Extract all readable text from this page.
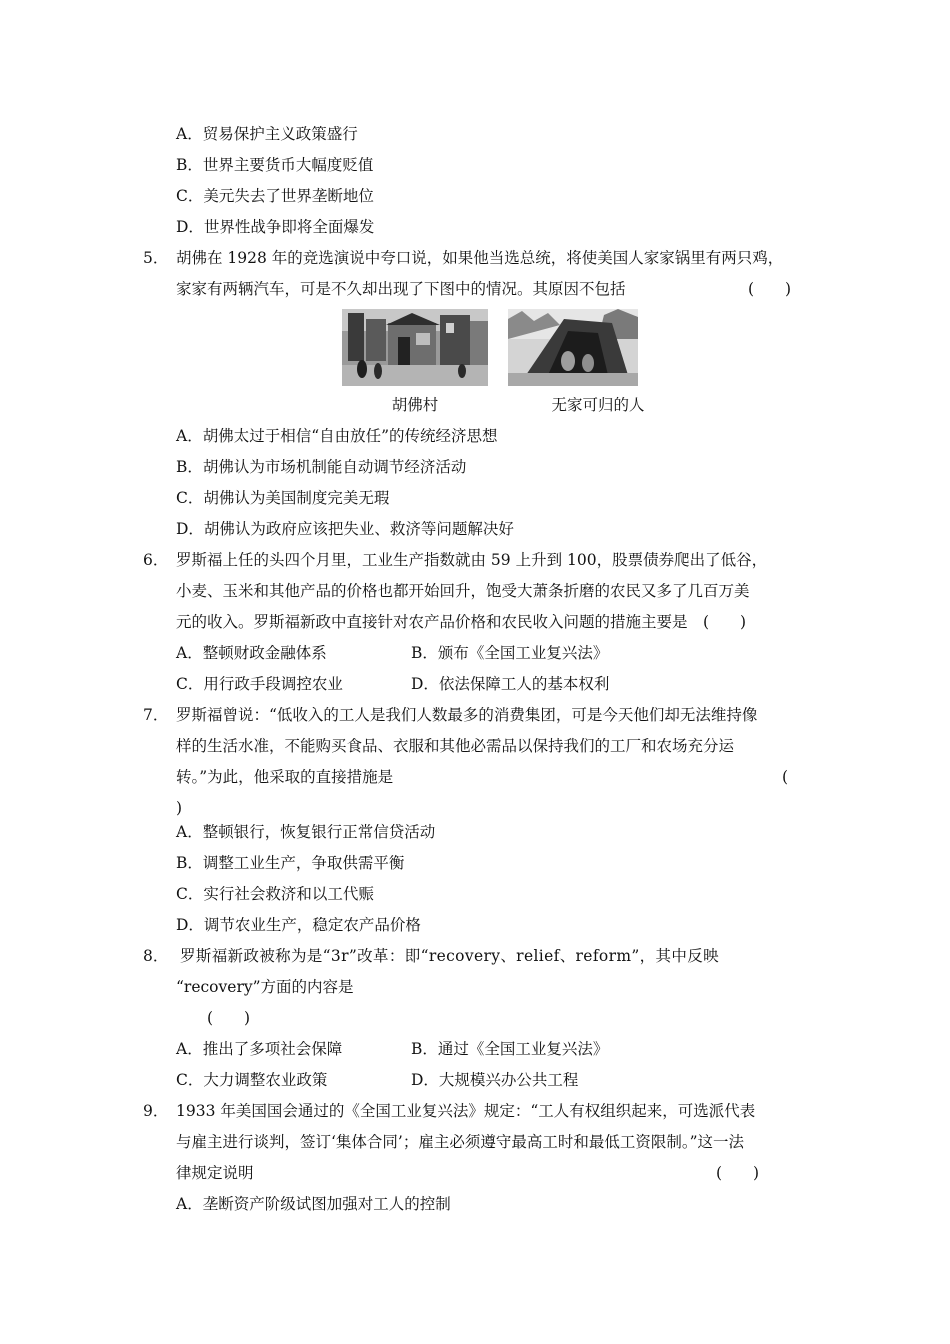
A．贸易保护主义政策盛行
B．世界主要货币大幅度贬值
C．美元失去了世界垄断地位
D．世界性战争即将全面爆发
5． 胡佛在 1928 年的竞选演说中夸口说，如果他当选总统，将使美国人家家锅里有两只鸡，
家家有两辆汽车，可是不久却出现了下图中的情况。其原因不包括	(　　)
胡佛村	无家可归的人
A．胡佛太过于相信“自由放任”的传统经济思想
B．胡佛认为市场机制能自动调节经济活动
C．胡佛认为美国制度完美无瑕
D．胡佛认为政府应该把失业、救济等问题解决好
6． 罗斯福上任的头四个月里，工业生产指数就由 59 上升到 100，股票债券爬出了低谷，
小麦、玉米和其他产品的价格也都开始回升，饱受大萧条折磨的农民又多了几百万美
元的收入。罗斯福新政中直接针对农产品价格和农民收入问题的措施主要是　(　　)
A．整顿财政金融体系	B．颁布《全国工业复兴法》
C．用行政手段调控农业	D．依法保障工人的基本权利
7． 罗斯福曾说：“低收入的工人是我们人数最多的消费集团，可是今天他们却无法维持像
样的生活水准，不能购买食品、衣服和其他必需品以保持我们的工厂和农场充分运
转。”为此，他采取的直接措施是	(
)
A．整顿银行，恢复银行正常信贷活动
B．调整工业生产，争取供需平衡
C．实行社会救济和以工代赈
D．调节农业生产，稳定农产品价格
8． 罗斯福新政被称为是“3r”改革：即“recovery、relief、reform”，其中反映
“recovery”方面的内容是
(　　)
A．推出了多项社会保障	B．通过《全国工业复兴法》
C．大力调整农业政策	D．大规模兴办公共工程
9． 1933 年美国国会通过的《全国工业复兴法》规定：“工人有权组织起来，可选派代表
与雇主进行谈判，签订‘集体合同’；雇主必须遵守最高工时和最低工资限制。”这一法
律规定说明	(　　)
A．垄断资产阶级试图加强对工人的控制
